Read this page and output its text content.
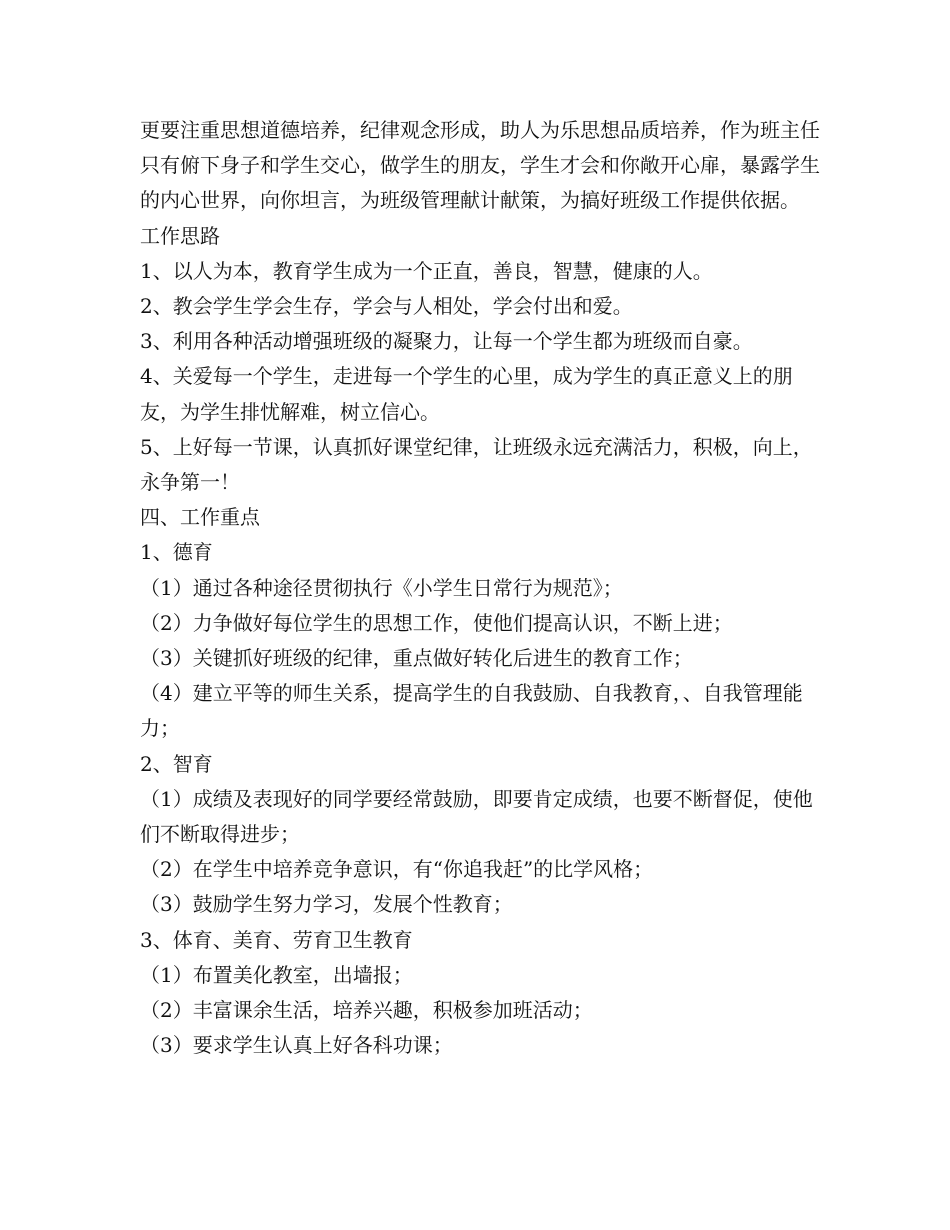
更要注重思想道德培养，纪律观念形成，助人为乐思想品质培养，作为班主任只有俯下身子和学生交心，做学生的朋友，学生才会和你敞开心扉，暴露学生的内心世界，向你坦言，为班级管理献计献策，为搞好班级工作提供依据。

工作思路

1、以人为本，教育学生成为一个正直，善良，智慧，健康的人。

2、教会学生学会生存，学会与人相处，学会付出和爱。

3、利用各种活动增强班级的凝聚力，让每一个学生都为班级而自豪。

4、关爱每一个学生，走进每一个学生的心里，成为学生的真正意义上的朋友，为学生排忧解难，树立信心。

5、上好每一节课，认真抓好课堂纪律，让班级永远充满活力，积极，向上，永争第一！

四、工作重点

1、德育

（1）通过各种途径贯彻执行《小学生日常行为规范》；

（2）力争做好每位学生的思想工作，使他们提高认识，不断上进；

（3）关键抓好班级的纪律，重点做好转化后进生的教育工作；

（4）建立平等的师生关系，提高学生的自我鼓励、自我教育，、自我管理能力；

2、智育

（1）成绩及表现好的同学要经常鼓励，即要肯定成绩，也要不断督促，使他们不断取得进步；

（2）在学生中培养竞争意识，有“你追我赶”的比学风格；

（3）鼓励学生努力学习，发展个性教育；

3、体育、美育、劳育卫生教育

（1）布置美化教室，出墙报；

（2）丰富课余生活，培养兴趣，积极参加班活动；

（3）要求学生认真上好各科功课；
